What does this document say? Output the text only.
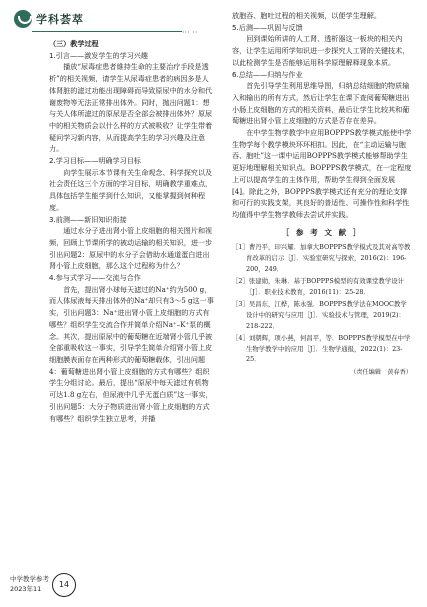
学科荟萃
··· ··

（三）教学过程

1.引言——激发学生的学习兴趣

播放“尿毒症患者維持生命的主要治疗手段是透析”的相关视频，请学生从尿毒症患者的病因多是人体肾脏的滤过功能出现障碍而导致原尿中的水分和代谢废物等无法正常排出体外。同时，抛出问题1：想与关人体所滤过的原尿是否全部会被排出体外？原尿中的相关物质会以什么样的方式被吸收？让学生带着疑问学习新内容，从而提高学生的学习兴趣及注意力。

2.学习目标——明确学习目标

向学生展示本节课有关生命观念、科学探究以及社会责任这三个方面的学习目标，明确教学重难点，具体包括学生能学到什么知识，又能掌握到何种程度。

3.前测——新旧知识衔接

通过水分子进出肾小管上皮细胞的相关图片和视频，回顾上节课所学的被动运输的相关知识，进一步引出问题2：原尿中的水分子会借助水通道蛋白进出肾小管上皮细胞，那么这个过程称为什么？

4.参与式学习——交流与合作

首先，提出肾小球每天滤过的Na⁺约为500 g，而人体尿液每天排出体外的Na⁺却只有3～5 g这一事实，引出问题3：Na⁺进出肾小管上皮细胞的方式有哪些？组织学生交流合作并简单介绍Na⁺–K⁺泵的概念。其次，提出原尿中的葡萄糖在近端肾小管几乎被全部重吸收这一事实，引导学生简单介绍肾小管上皮细胞膜表面存在两种形式的葡萄糖载体，引出问题4：葡萄糖进出肾小管上皮细胞的方式有哪些？组织学生分组讨论。最后，提出“原尿中每天滤过有机物可达1.8 g左右，但尿液中几乎无蛋白质”这一事实，引出问题5：大分子物质进出肾小管上皮细胞的方式有哪些？组织学生独立思考，并播

放胞吞、胞吐过程的相关视频，以便学生理解。

5.后测——巩固与反馈

回到课始所讲的人工肾、透析器这一板块的相关内容，让学生运用所学知识进一步探究人工肾的关键技术，以此检测学生是否能够运用科学原理解释现象本质。

6.总结——归纳与作业

首先引导学生利用思维导图，归纳总结细胞的物质输入和输出的所有方式，然后让学生在课下查阅葡萄糖进出小肠上皮细胞的方式的相关资料，最后让学生比较其和葡萄糖进出肾小管上皮细胞的方式是否存在差异。

在中学生物学教学中应用BOPPPS教学模式能使中学生物学每个教学模块环环相扣。因此，在“主动运输与胞吞、胞吐”这一课中运用BOPPPS教学模式能够帮助学生更好地理解相关知识点。BOPPPS教学模式，在一定程度上可以提高学生的主体作用，帮助学生得到全面发展[4]。除此之外，BOPPPS教学模式还有充分的理论支撑和可行的实践支架，其良好的普适性、可操作性和科学性均值得中学生物学教师去尝试并实践。

［ 参 考 文 献 ］

［1］曹丹平，印兴耀．加拿大BOPPPS教学模式及其对高等教育改革的启示［J］．实验室研究与探索，2016(2)：196-200，249．

［2］张建勋，朱琳．基于BOPPPS模型的有效课堂教学设计［J］．职业技术教育，2016(11)：25-28．

［3］吴昌东，江桦，陈永强．BOPPPS教学法在MOOC教学设计中的研究与应用［J］．实验技术与管理，2019(2)：218-222．

［4］刘朝辉，项小燕，何昌平，等．BOPPPS教学模型在中学生物学教学中的应用［J］．生物学通报，2022(1)：23-25．

（责任编辑　黄春香）
中学教学参考
2023年11	14
